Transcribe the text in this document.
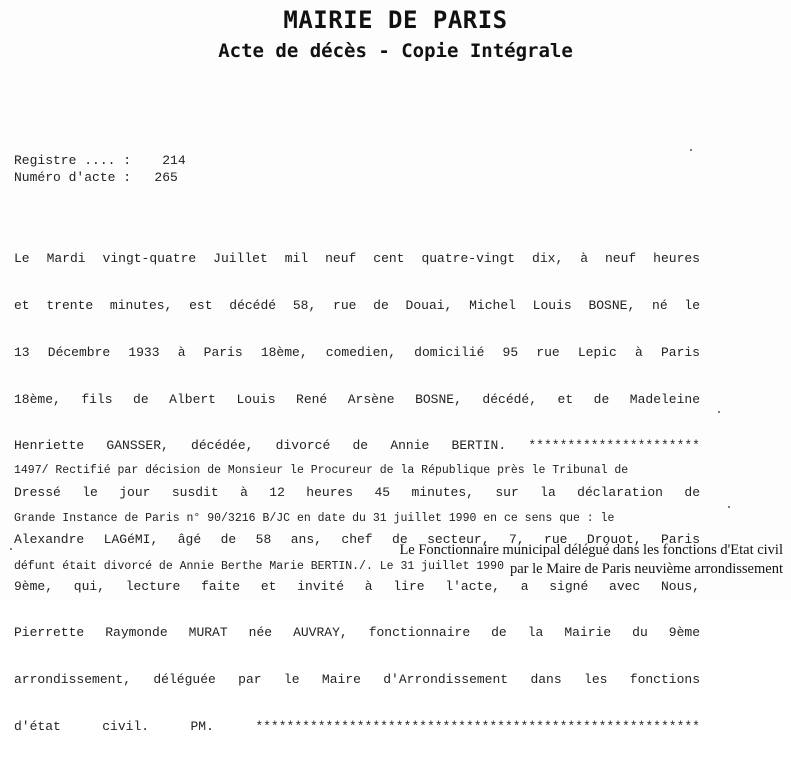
MAIRIE DE PARIS
Acte de décès - Copie Intégrale
Registre .... :    214
Numéro d'acte :   265

Le Mardi vingt-quatre Juillet mil neuf cent quatre-vingt dix, à neuf heures

et trente minutes, est décédé 58, rue de Douai, Michel Louis BOSNE, né le

13 Décembre 1933 à Paris 18ème, comedien, domicilié 95 rue Lepic à Paris

18ème, fils de Albert Louis René Arsène BOSNE, décédé, et de Madeleine

Henriette GANSSER, décédée, divorcé de Annie BERTIN. **********************

Dressé le jour susdit à 12 heures 45 minutes, sur la déclaration de

Alexandre LAGéMI, âgé de 58 ans, chef de secteur, 7, rue Drouot, Paris

9ème, qui, lecture faite et invité à lire l'acte, a signé avec Nous,

Pierrette Raymonde MURAT née AUVRAY, fonctionnaire de la Mairie du 9ème

arrondissement, déléguée par le Maire d'Arrondissement dans les fonctions

d'état civil. PM. *********************************************************

1497/ Rectifié par décision de Monsieur le Procureur de la République près le Tribunal de

Grande Instance de Paris n° 90/3216 B/JC en date du 31 juillet 1990 en ce sens que : le

défunt était divorcé de Annie Berthe Marie BERTIN./. Le 31 juillet 1990

Le Fonctionnaire municipal délégué dans les fonctions d'Etat civil
par le Maire de Paris neuvième arrondissement
